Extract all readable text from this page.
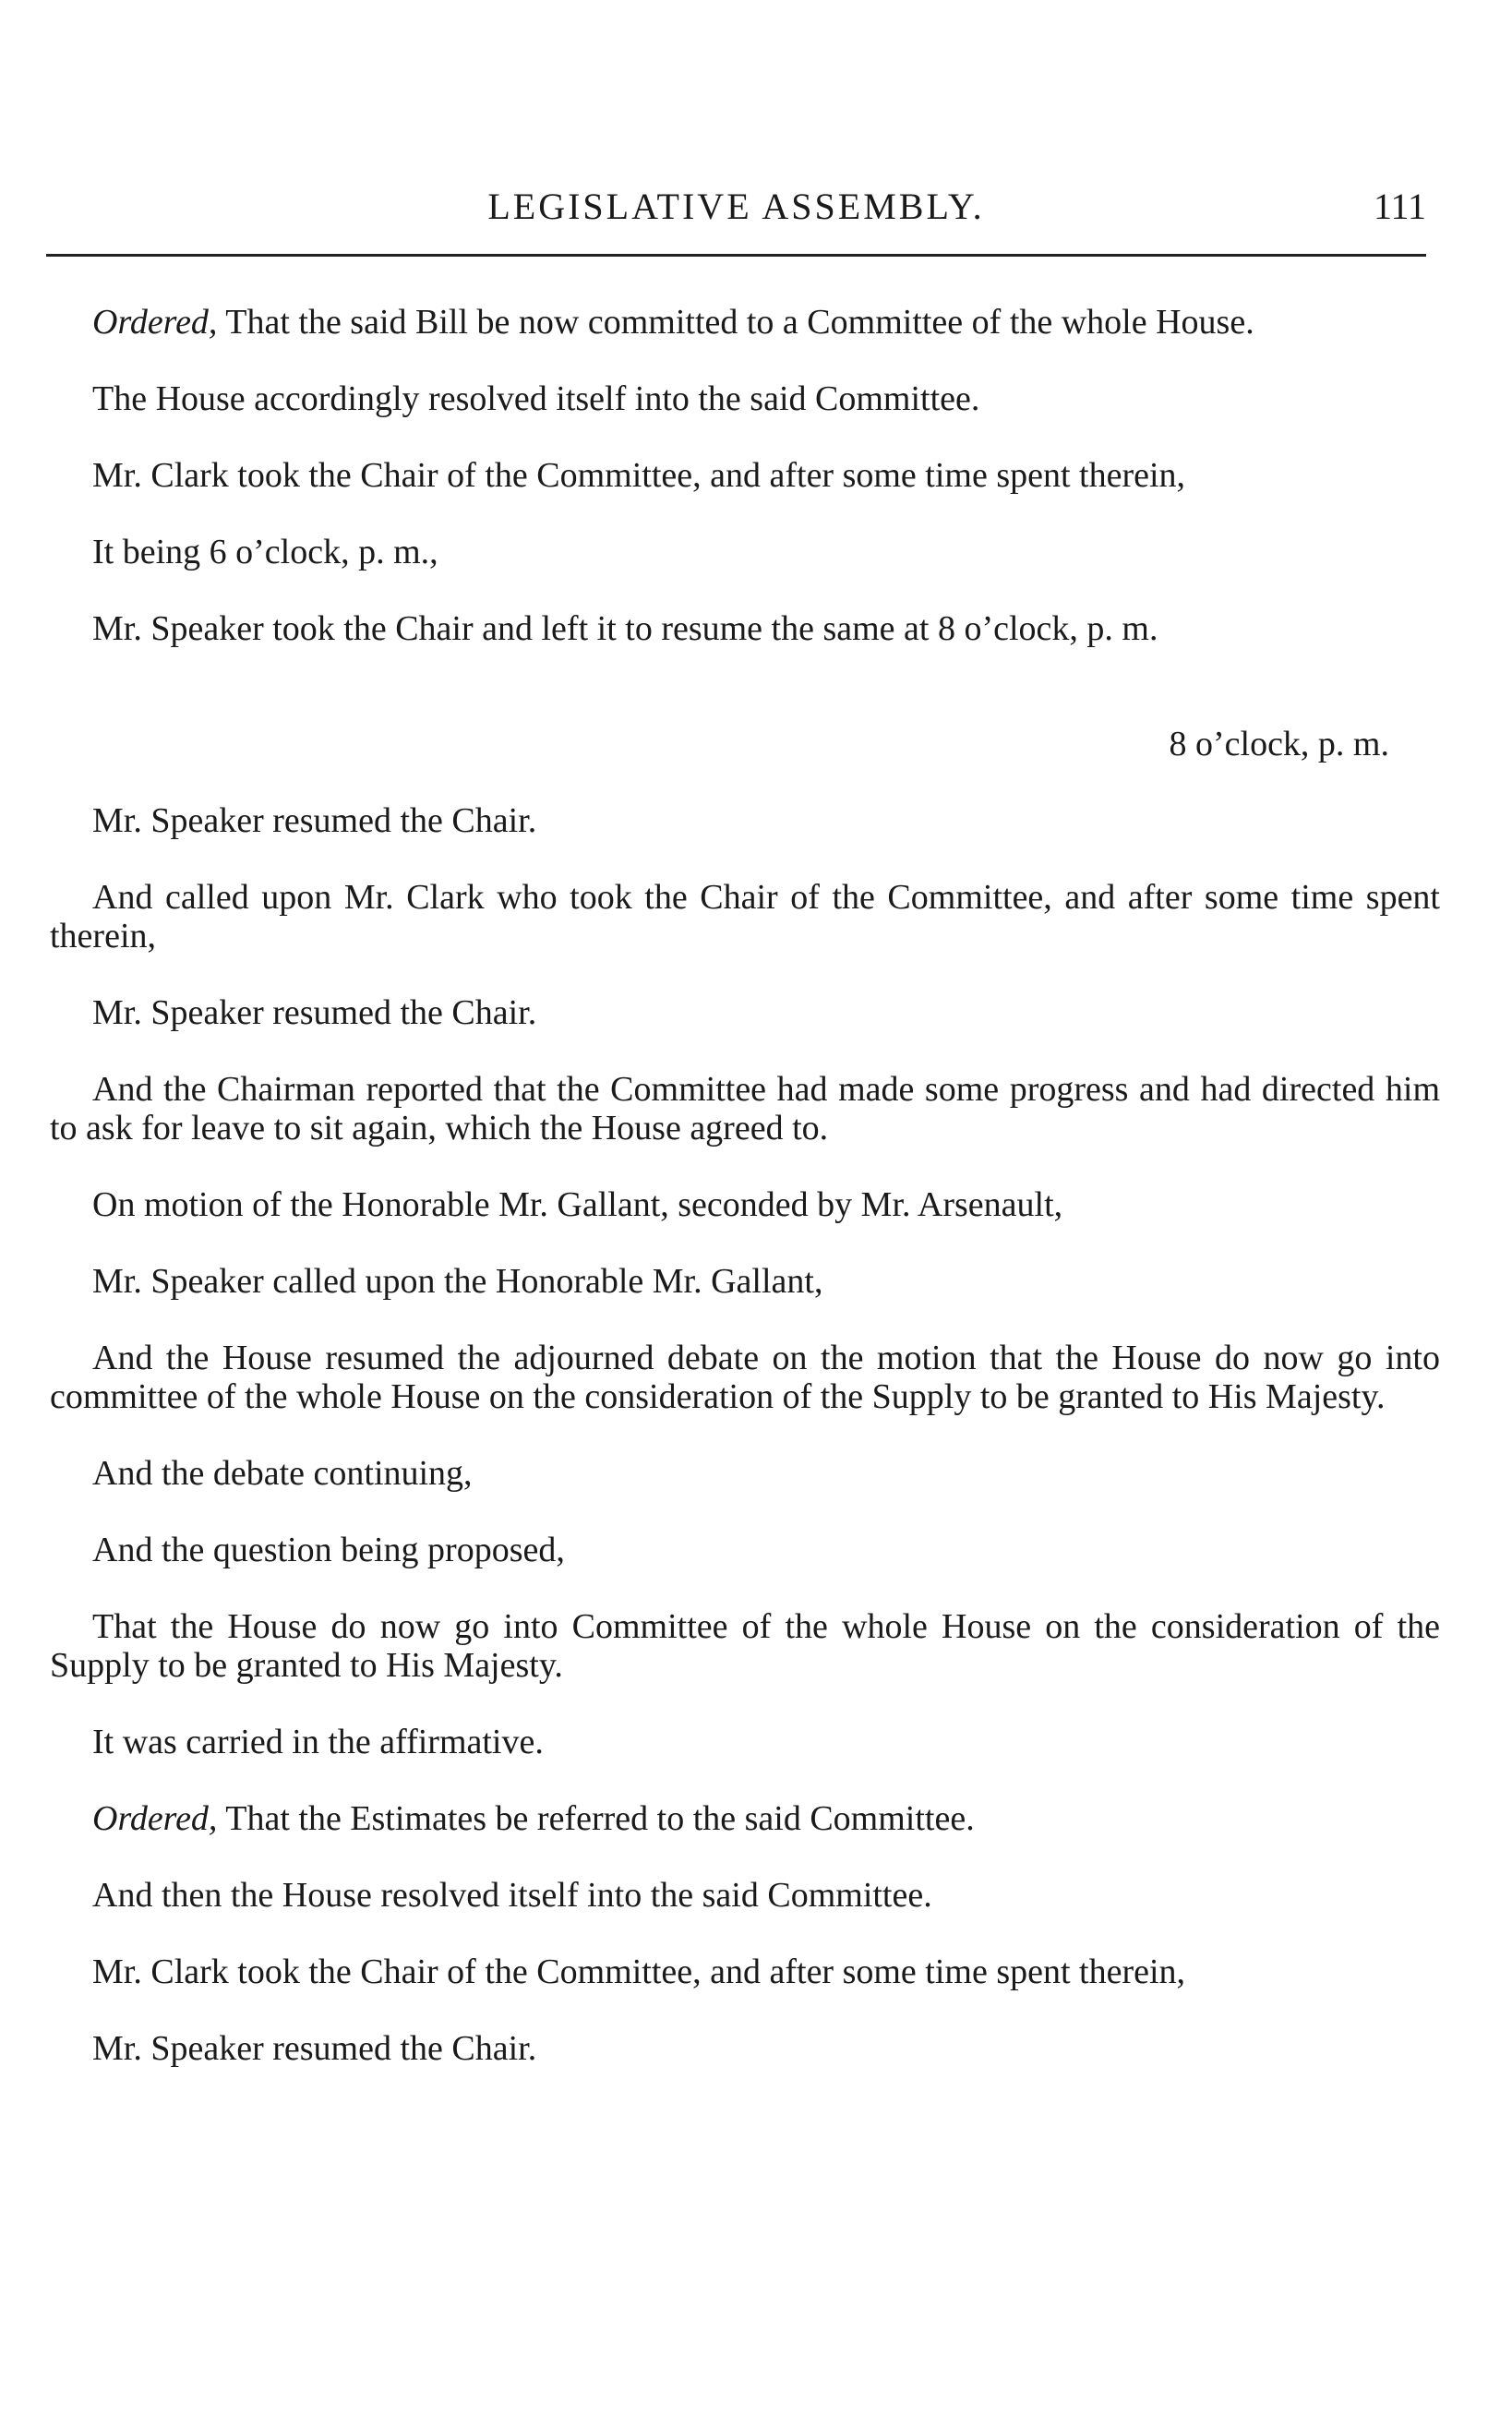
LEGISLATIVE ASSEMBLY.	111

Ordered, That the said Bill be now committed to a Committee of the whole House.

The House accordingly resolved itself into the said Committee.

Mr. Clark took the Chair of the Committee, and after some time spent therein,

It being 6 o’clock, p. m.,

Mr. Speaker took the Chair and left it to resume the same at 8 o’clock, p. m.

8 o’clock, p. m.

Mr. Speaker resumed the Chair.

And called upon Mr. Clark who took the Chair of the Committee, and after some time spent therein,

Mr. Speaker resumed the Chair.

And the Chairman reported that the Committee had made some progress and had directed him to ask for leave to sit again, which the House agreed to.

On motion of the Honorable Mr. Gallant, seconded by Mr. Arsenault,

Mr. Speaker called upon the Honorable Mr. Gallant,

And the House resumed the adjourned debate on the motion that the House do now go into committee of the whole House on the consideration of the Supply to be granted to His Majesty.

And the debate continuing,

And the question being proposed,

That the House do now go into Committee of the whole House on the consideration of the Supply to be granted to His Majesty.

It was carried in the affirmative.

Ordered, That the Estimates be referred to the said Committee.

And then the House resolved itself into the said Committee.

Mr. Clark took the Chair of the Committee, and after some time spent therein,

Mr. Speaker resumed the Chair.
